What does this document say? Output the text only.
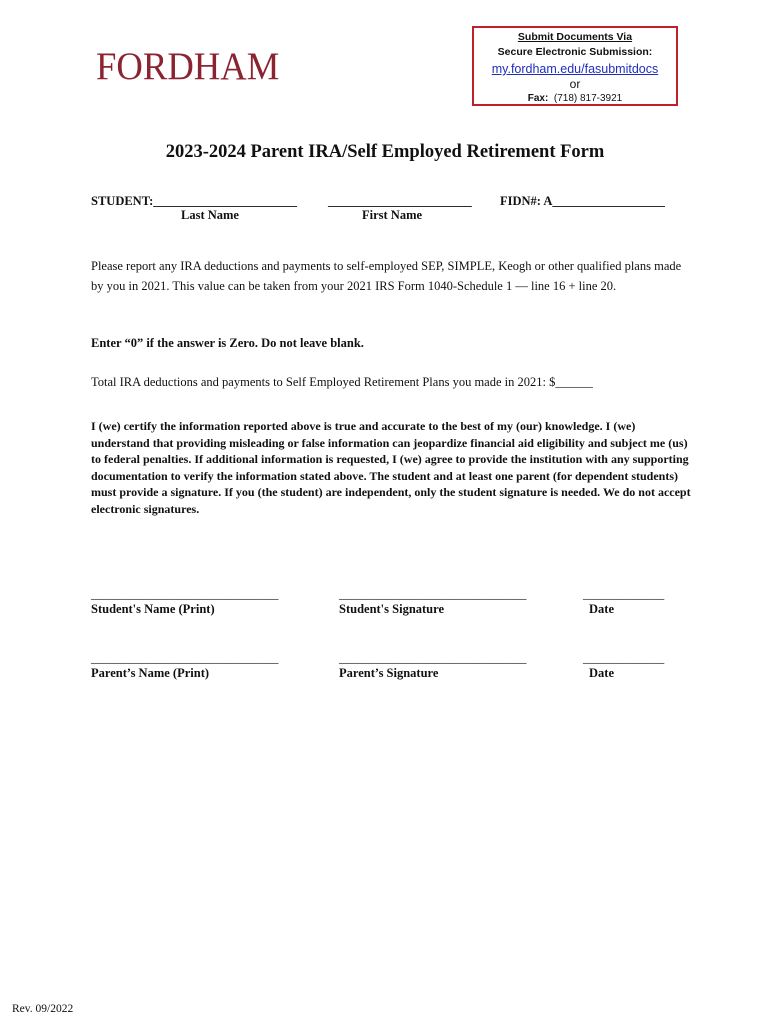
FORDHAM
Submit Documents Via
Secure Electronic Submission:
my.fordham.edu/fasubmitdocs
or
Fax: (718) 817-3921
2023-2024 Parent IRA/Self Employed Retirement Form
STUDENT:_______________________ _______________________ FIDN#: A__________________
Last Name	First Name
Please report any IRA deductions and payments to self-employed SEP, SIMPLE, Keogh or other qualified plans made
by you in 2021. This value can be taken from your 2021 IRS Form 1040-Schedule 1 — line 16 + line 20.
Enter “0” if the answer is Zero. Do not leave blank.
Total IRA deductions and payments to Self Employed Retirement Plans you made in 2021: $______
I (we) certify the information reported above is true and accurate to the best of my (our) knowledge. I (we) understand that providing misleading or false information can jeopardize financial aid eligibility and subject me (us) to federal penalties. If additional information is requested, I (we) agree to provide the institution with any supporting documentation to verify the information stated above. The student and at least one parent (for dependent students) must provide a signature. If you (the student) are independent, only the student signature is needed. We do not accept electronic signatures.
______________________________	______________________________	_____________
Student's Name (Print)	Student's Signature	Date
______________________________	______________________________	_____________
Parent’s Name (Print)	Parent’s Signature	Date
Rev. 09/2022
